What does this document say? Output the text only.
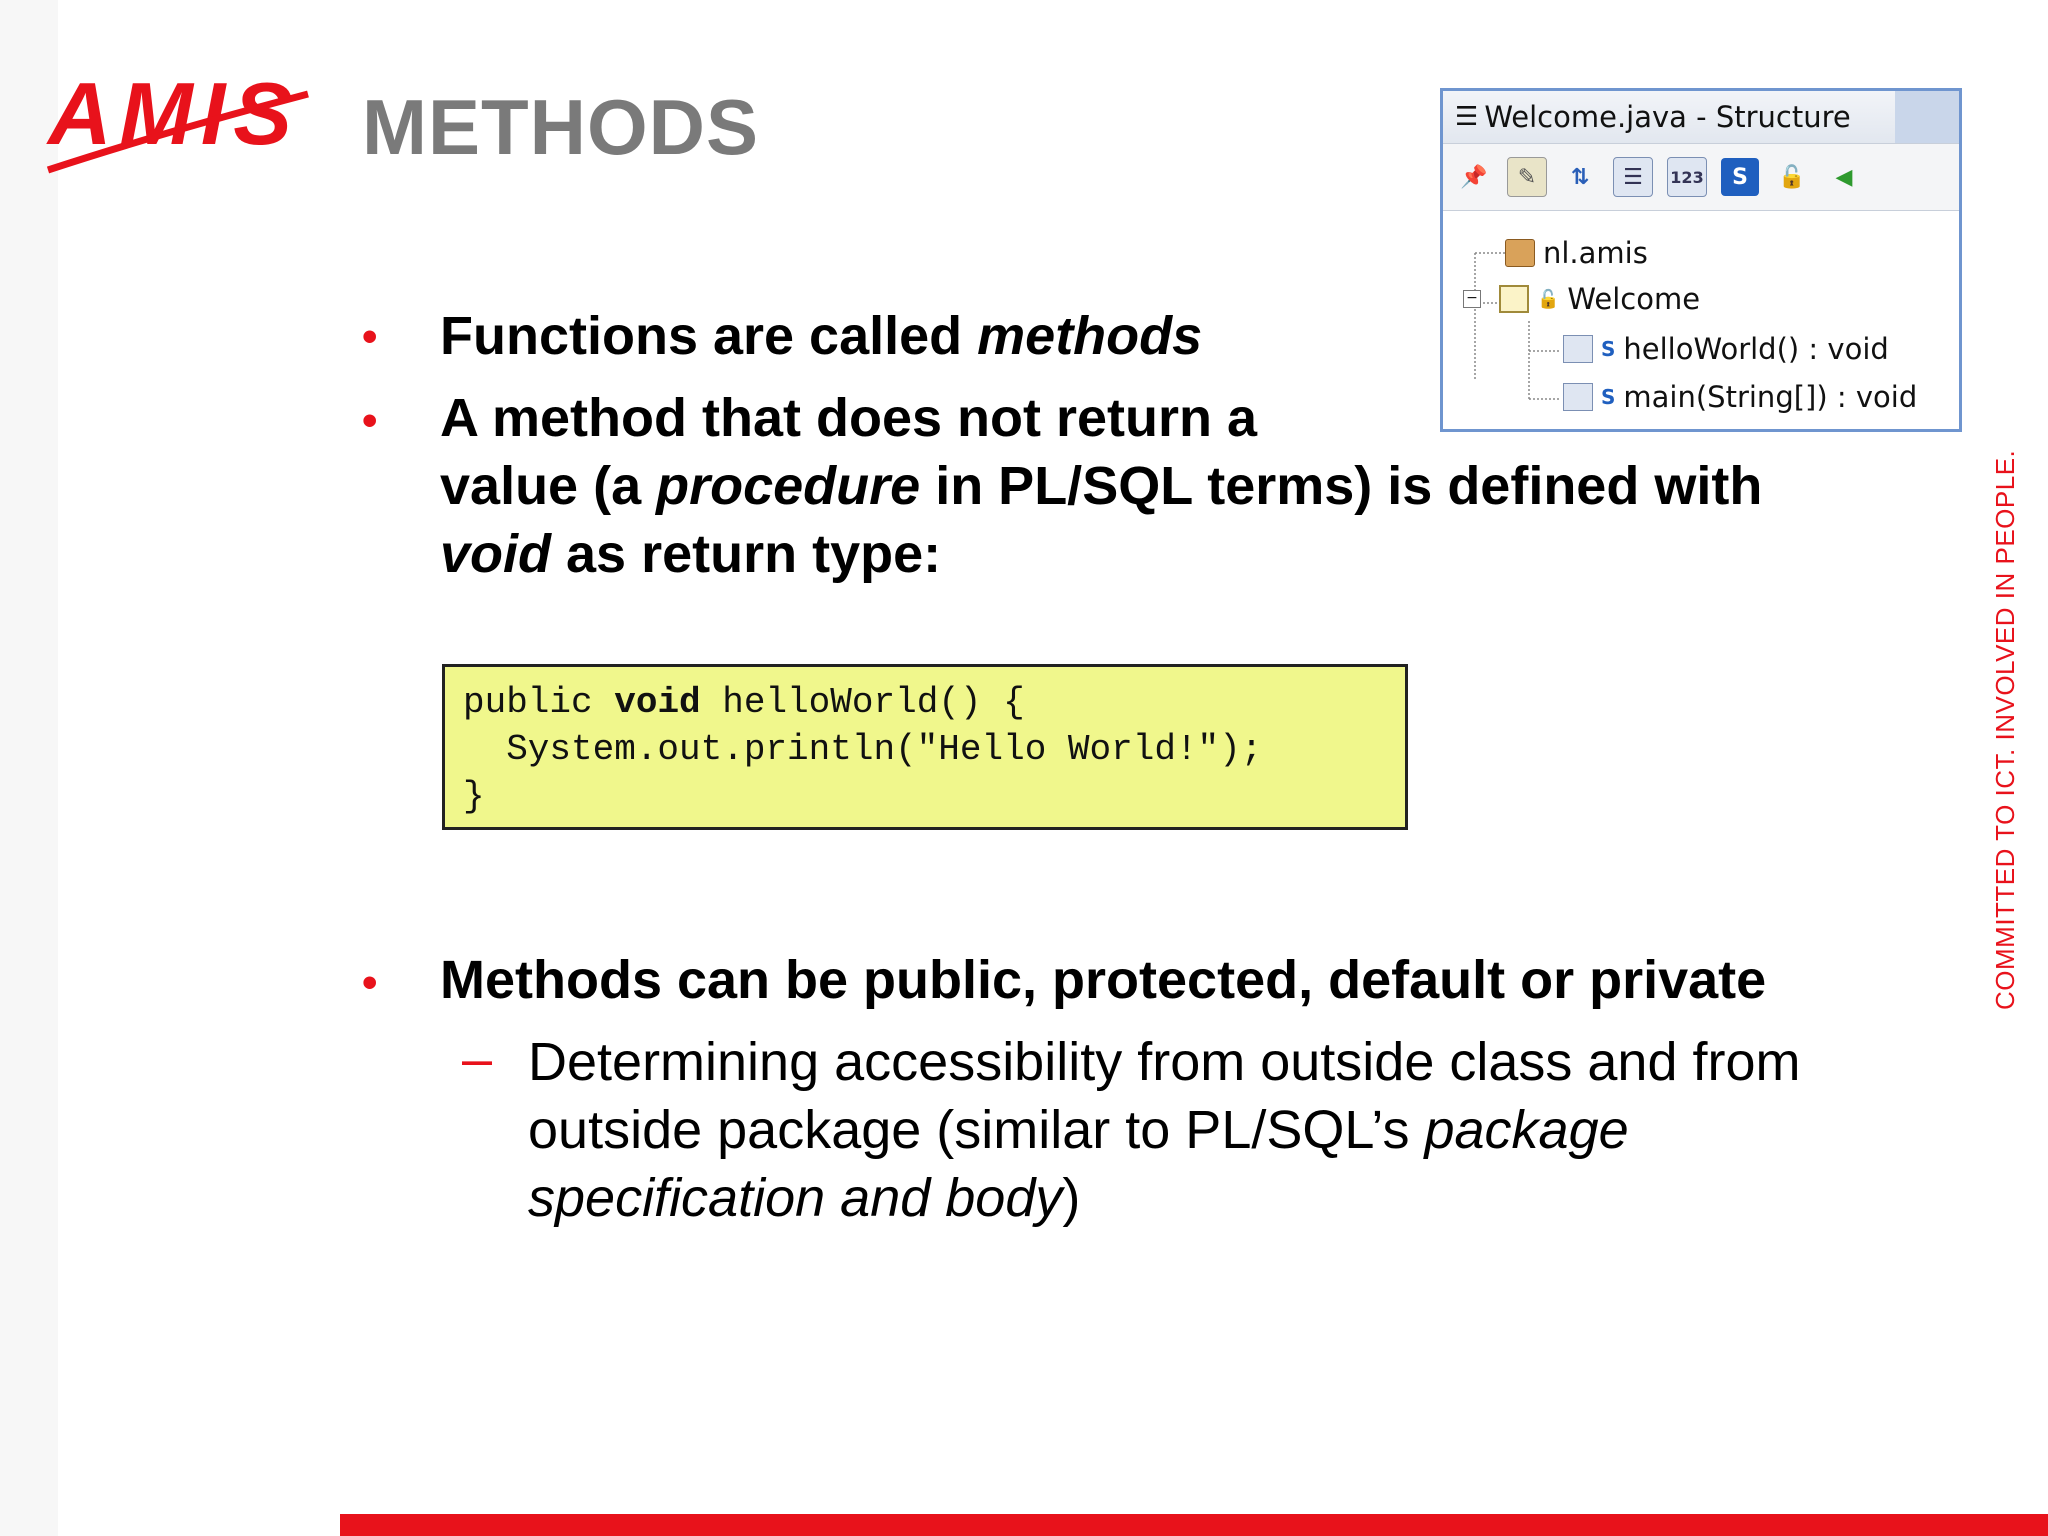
AMIS METHODS
• Functions are called methods
• A method that does not return a
value (a procedure in PL/SQL terms) is defined with
void as return type:
public void helloWorld() {
System.out.println("Hello World!");
}
• Methods can be public, protected, default or private
– Determining accessibility from outside class and from
outside package (similar to PL/SQL’s package
specification and body)
☰ Welcome.java - Structure
📌	✎	⇅	☰	123	S	🔓	◀
nl.amis
−	🔓 Welcome
S helloWorld() : void
S main(String[]) : void
COMMITTED TO ICT. INVOLVED IN PEOPLE.
